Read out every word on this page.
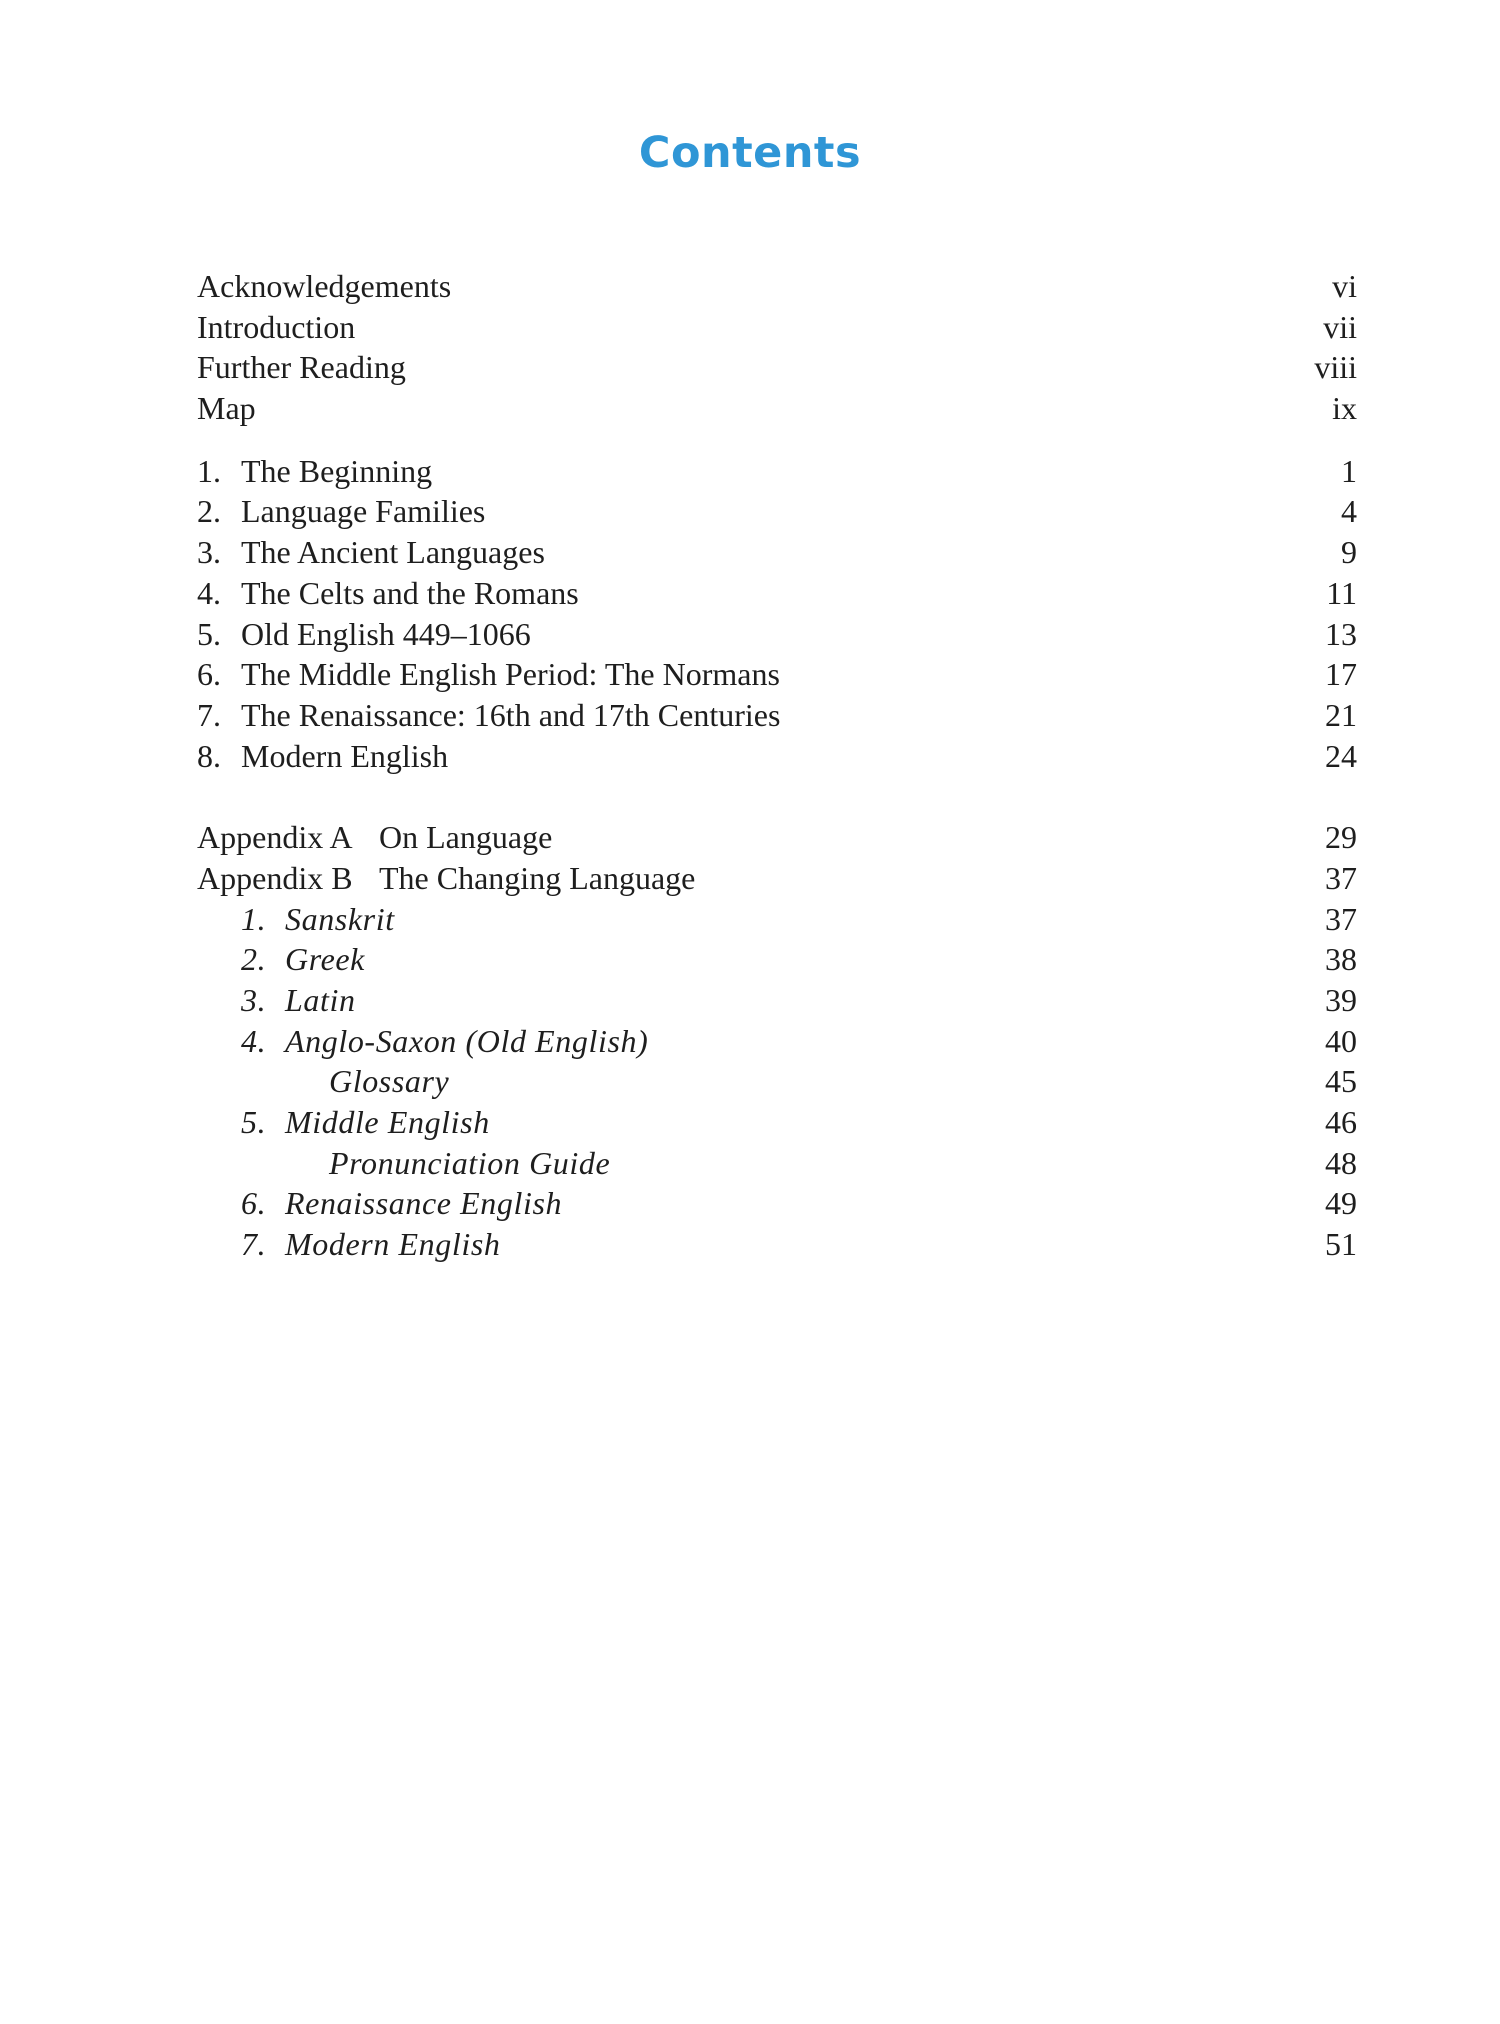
Contents
Acknowledgements	vi
Introduction	vii
Further Reading	viii
Map	ix
1. The Beginning	1
2. Language Families	4
3. The Ancient Languages	9
4. The Celts and the Romans	11
5. Old English 449–1066	13
6. The Middle English Period: The Normans	17
7. The Renaissance: 16th and 17th Centuries	21
8. Modern English	24
Appendix A On Language	29
Appendix B The Changing Language	37
1. Sanskrit	37
2. Greek	38
3. Latin	39
4. Anglo-Saxon (Old English)	40
Glossary	45
5. Middle English	46
Pronunciation Guide	48
6. Renaissance English	49
7. Modern English	51
